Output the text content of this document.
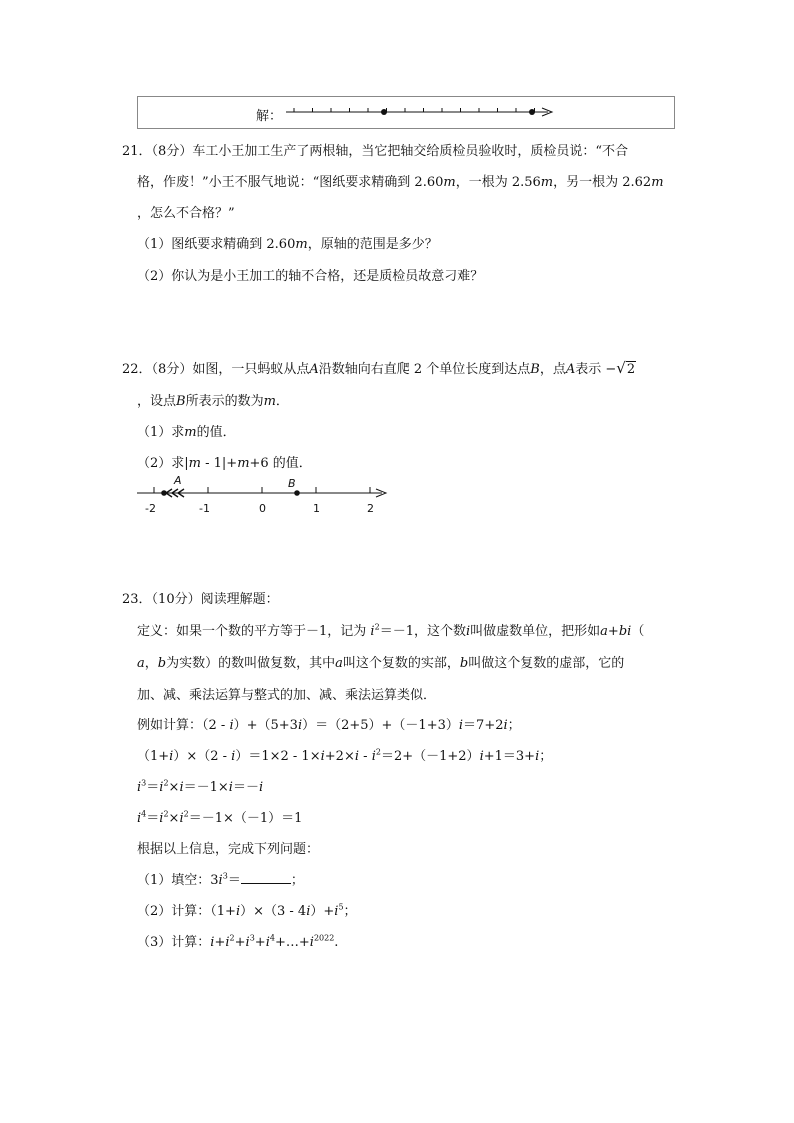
解：
21．（8分）车工小王加工生产了两根轴，当它把轴交给质检员验收时，质检员说：“不合
格，作废！”小王不服气地说：“图纸要求精确到 2.60m，一根为 2.56m，另一根为 2.62m
，怎么不合格？”
（1）图纸要求精确到 2.60m，原轴的范围是多少？
（2）你认为是小王加工的轴不合格，还是质检员故意刁难？
22．（8分）如图，一只蚂蚁从点A沿数轴向右直爬 2 个单位长度到达点B，点A表示 −√2
，设点B所表示的数为m．
（1）求m的值．
（2）求|m - 1|+m+6 的值．
-2	-1	0	1	2
A	B
23．（10分）阅读理解题：
定义：如果一个数的平方等于－1，记为 $i^2=-1$，这个数i叫做虚数单位，把形如a+bi（
a，b为实数）的数叫做复数，其中a叫这个复数的实部，b叫做这个复数的虚部，它的
加、减、乘法运算与整式的加、减、乘法运算类似．
例如计算：（2 - i）+（5+3i）＝（2+5）+（－1+3）i＝7+2i；
$(1+i)\times(2 - i)=1\times 2 - 1\times i+2\times i - i^2=2+(-1+2)i+1=3+i$；
$i^3=i^2\times i=-1\times i=-i$
$i^4=i^2\times i^2=-1\times(-1)=1$
根据以上信息，完成下列问题：
（1）填空：$3i^3=$	；
（2）计算：$(1+i)\times(3 - 4i)+i^5$；
（3）计算：$i+i^2+i^3+i^4+\dots+i^{2022}$.
